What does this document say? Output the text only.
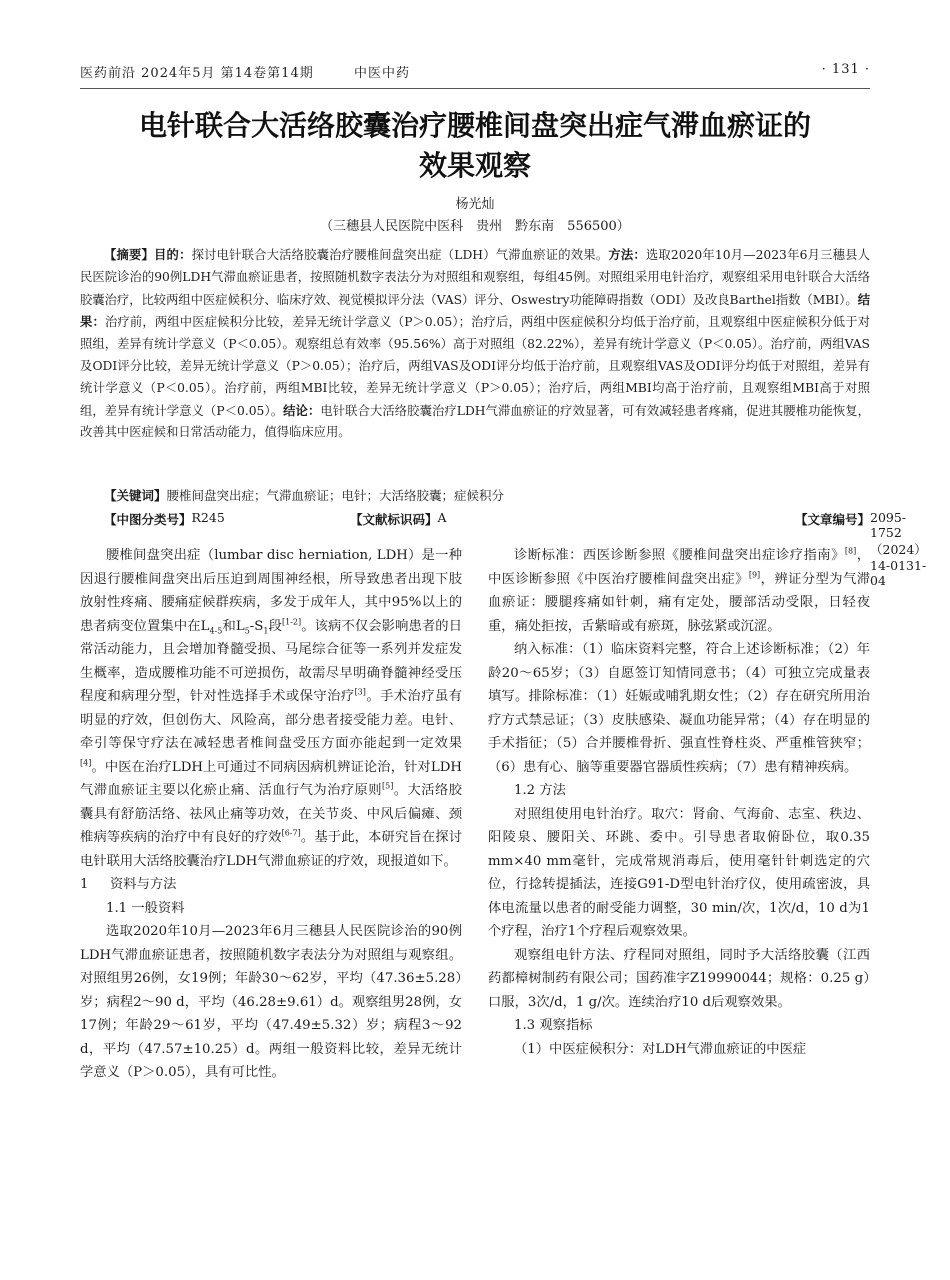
医药前沿 2024年5月 第14卷第14期	中医中药	· 131 ·
电针联合大活络胶囊治疗腰椎间盘突出症气滞血瘀证的
效果观察
杨光灿
（三穗县人民医院中医科　贵州　黔东南　556500）
【摘要】目的：探讨电针联合大活络胶囊治疗腰椎间盘突出症（LDH）气滞血瘀证的效果。方法：选取2020年10月—2023年6月三穗县人民医院诊治的90例LDH气滞血瘀证患者，按照随机数字表法分为对照组和观察组，每组45例。对照组采用电针治疗，观察组采用电针联合大活络胶囊治疗，比较两组中医症候积分、临床疗效、视觉模拟评分法（VAS）评分、Oswestry功能障碍指数（ODI）及改良Barthel指数（MBI）。结果：治疗前，两组中医症候积分比较，差异无统计学意义（P＞0.05）；治疗后，两组中医症候积分均低于治疗前，且观察组中医症候积分低于对照组，差异有统计学意义（P＜0.05）。观察组总有效率（95.56%）高于对照组（82.22%），差异有统计学意义（P＜0.05）。治疗前，两组VAS及ODI评分比较，差异无统计学意义（P＞0.05）；治疗后，两组VAS及ODI评分均低于治疗前，且观察组VAS及ODI评分均低于对照组，差异有统计学意义（P＜0.05）。治疗前，两组MBI比较，差异无统计学意义（P＞0.05）；治疗后，两组MBI均高于治疗前，且观察组MBI高于对照组，差异有统计学意义（P＜0.05）。结论：电针联合大活络胶囊治疗LDH气滞血瘀证的疗效显著，可有效减轻患者疼痛，促进其腰椎功能恢复，改善其中医症候和日常活动能力，值得临床应用。
【关键词】腰椎间盘突出症；气滞血瘀证；电针；大活络胶囊；症候积分
【中图分类号】 R245	【文献标识码】 A	【文章编号】 2095-1752（2024）14-0131-04

腰椎间盘突出症（lumbar disc herniation, LDH）是一种因退行腰椎间盘突出后压迫到周围神经根，所导致患者出现下肢放射性疼痛、腰痛症候群疾病，多发于成年人，其中95%以上的患者病变位置集中在$L_{4-5}$和$L_5-S_1$段[1-2]。该病不仅会影响患者的日常活动能力，且会增加脊髓受损、马尾综合征等一系列并发症发生概率，造成腰椎功能不可逆损伤，故需尽早明确脊髓神经受压程度和病理分型，针对性选择手术或保守治疗[3]。手术治疗虽有明显的疗效，但创伤大、风险高，部分患者接受能力差。电针、牵引等保守疗法在减轻患者椎间盘受压方面亦能起到一定效果[4]。中医在治疗LDH上可通过不同病因病机辨证论治，针对LDH气滞血瘀证主要以化瘀止痛、活血行气为治疗原则[5]。大活络胶囊具有舒筋活络、祛风止痛等功效，在关节炎、中风后偏瘫、颈椎病等疾病的治疗中有良好的疗效[6-7]。基于此，本研究旨在探讨电针联用大活络胶囊治疗LDH气滞血瘀证的疗效，现报道如下。

1 资料与方法

1.1 一般资料

选取2020年10月—2023年6月三穗县人民医院诊治的90例LDH气滞血瘀证患者，按照随机数字表法分为对照组与观察组。对照组男26例，女19例；年龄30～62岁，平均（47.36±5.28）岁；病程2～90 d，平均（46.28±9.61）d。观察组男28例，女17例；年龄29～61岁，平均（47.49±5.32）岁；病程3～92 d，平均（47.57±10.25）d。两组一般资料比较，差异无统计学意义（P＞0.05），具有可比性。

诊断标准：西医诊断参照《腰椎间盘突出症诊疗指南》[8]，中医诊断参照《中医治疗腰椎间盘突出症》[9]，辨证分型为气滞血瘀证：腰腿疼痛如针刺，痛有定处，腰部活动受限，日轻夜重，痛处拒按，舌紫暗或有瘀斑，脉弦紧或沉涩。

纳入标准：（1）临床资料完整，符合上述诊断标准；（2）年龄20～65岁；（3）自愿签订知情同意书；（4）可独立完成量表填写。排除标准：（1）妊娠或哺乳期女性；（2）存在研究所用治疗方式禁忌证；（3）皮肤感染、凝血功能异常；（4）存在明显的手术指征；（5）合并腰椎骨折、强直性脊柱炎、严重椎管狭窄；（6）患有心、脑等重要器官器质性疾病；（7）患有精神疾病。

1.2 方法

对照组使用电针治疗。取穴：肾俞、气海俞、志室、秩边、阳陵泉、腰阳关、环跳、委中。引导患者取俯卧位，取0.35 mm×40 mm毫针，完成常规消毒后，使用毫针针刺选定的穴位，行捻转提插法，连接G91-D型电针治疗仪，使用疏密波，具体电流量以患者的耐受能力调整，30 min/次，1次/d，10 d为1个疗程，治疗1个疗程后观察效果。

观察组电针方法、疗程同对照组，同时予大活络胶囊（江西药都樟树制药有限公司；国药准字Z19990044；规格：0.25 g）口服，3次/d，1 g/次。连续治疗10 d后观察效果。

1.3 观察指标

（1）中医症候积分：对LDH气滞血瘀证的中医症
